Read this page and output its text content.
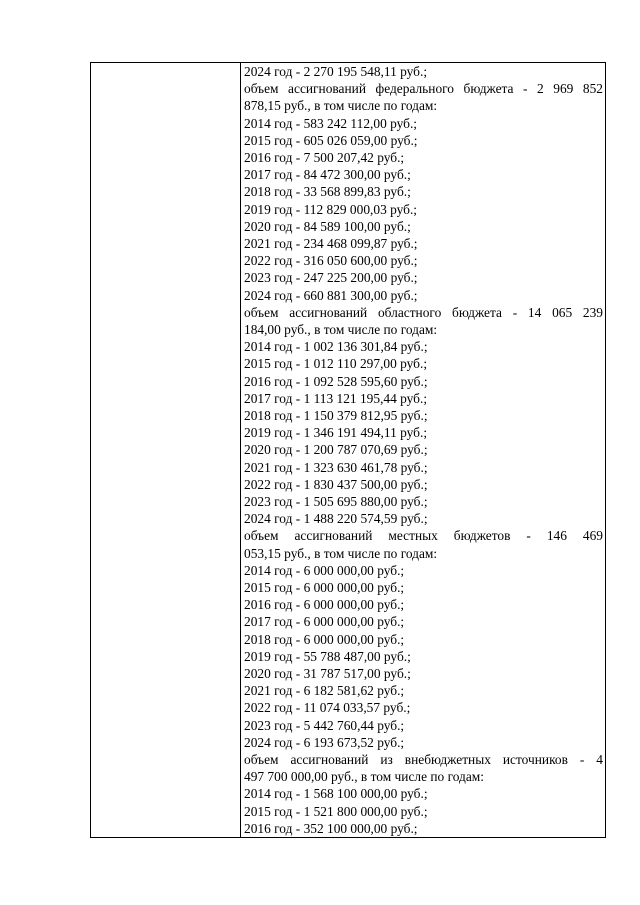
2024 год - 2 270 195 548,11 руб.;
объем ассигнований федерального бюджета - 2 969 852
878,15 руб., в том числе по годам:
2014 год - 583 242 112,00 руб.;
2015 год - 605 026 059,00 руб.;
2016 год - 7 500 207,42 руб.;
2017 год - 84 472 300,00 руб.;
2018 год - 33 568 899,83 руб.;
2019 год - 112 829 000,03 руб.;
2020 год - 84 589 100,00 руб.;
2021 год - 234 468 099,87 руб.;
2022 год - 316 050 600,00 руб.;
2023 год - 247 225 200,00 руб.;
2024 год - 660 881 300,00 руб.;
объем ассигнований областного бюджета - 14 065 239
184,00 руб., в том числе по годам:
2014 год - 1 002 136 301,84 руб.;
2015 год - 1 012 110 297,00 руб.;
2016 год - 1 092 528 595,60 руб.;
2017 год - 1 113 121 195,44 руб.;
2018 год - 1 150 379 812,95 руб.;
2019 год - 1 346 191 494,11 руб.;
2020 год - 1 200 787 070,69 руб.;
2021 год - 1 323 630 461,78 руб.;
2022 год - 1 830 437 500,00 руб.;
2023 год - 1 505 695 880,00 руб.;
2024 год - 1 488 220 574,59 руб.;
объем ассигнований местных бюджетов - 146 469
053,15 руб., в том числе по годам:
2014 год - 6 000 000,00 руб.;
2015 год - 6 000 000,00 руб.;
2016 год - 6 000 000,00 руб.;
2017 год - 6 000 000,00 руб.;
2018 год - 6 000 000,00 руб.;
2019 год - 55 788 487,00 руб.;
2020 год - 31 787 517,00 руб.;
2021 год - 6 182 581,62 руб.;
2022 год - 11 074 033,57 руб.;
2023 год - 5 442 760,44 руб.;
2024 год - 6 193 673,52 руб.;
объем ассигнований из внебюджетных источников - 4
497 700 000,00 руб., в том числе по годам:
2014 год - 1 568 100 000,00 руб.;
2015 год - 1 521 800 000,00 руб.;
2016 год - 352 100 000,00 руб.;
